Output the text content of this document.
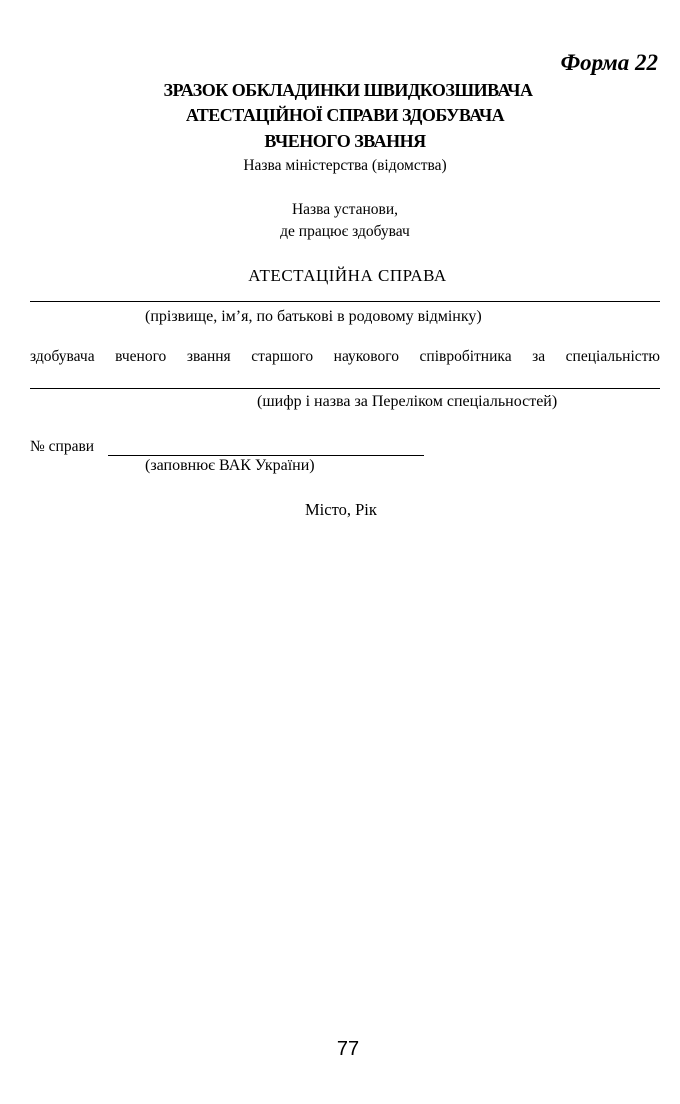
Форма 22
ЗРАЗОК ОБКЛАДИНКИ ШВИДКОЗШИВАЧА
АТЕСТАЦІЙНОЇ СПРАВИ ЗДОБУВАЧА
ВЧЕНОГО ЗВАННЯ
Назва міністерства (відомства)
Назва установи,
де працює здобувач
АТЕСТАЦІЙНА СПРАВА
(прізвище, ім’я, по батькові в родовому відмінку)
здобувача вченого звання старшого наукового співробітника за спеціальністю
(шифр і назва за Переліком спеціальностей)
№ справи
(заповнює ВАК України)
Місто, Рік
77
